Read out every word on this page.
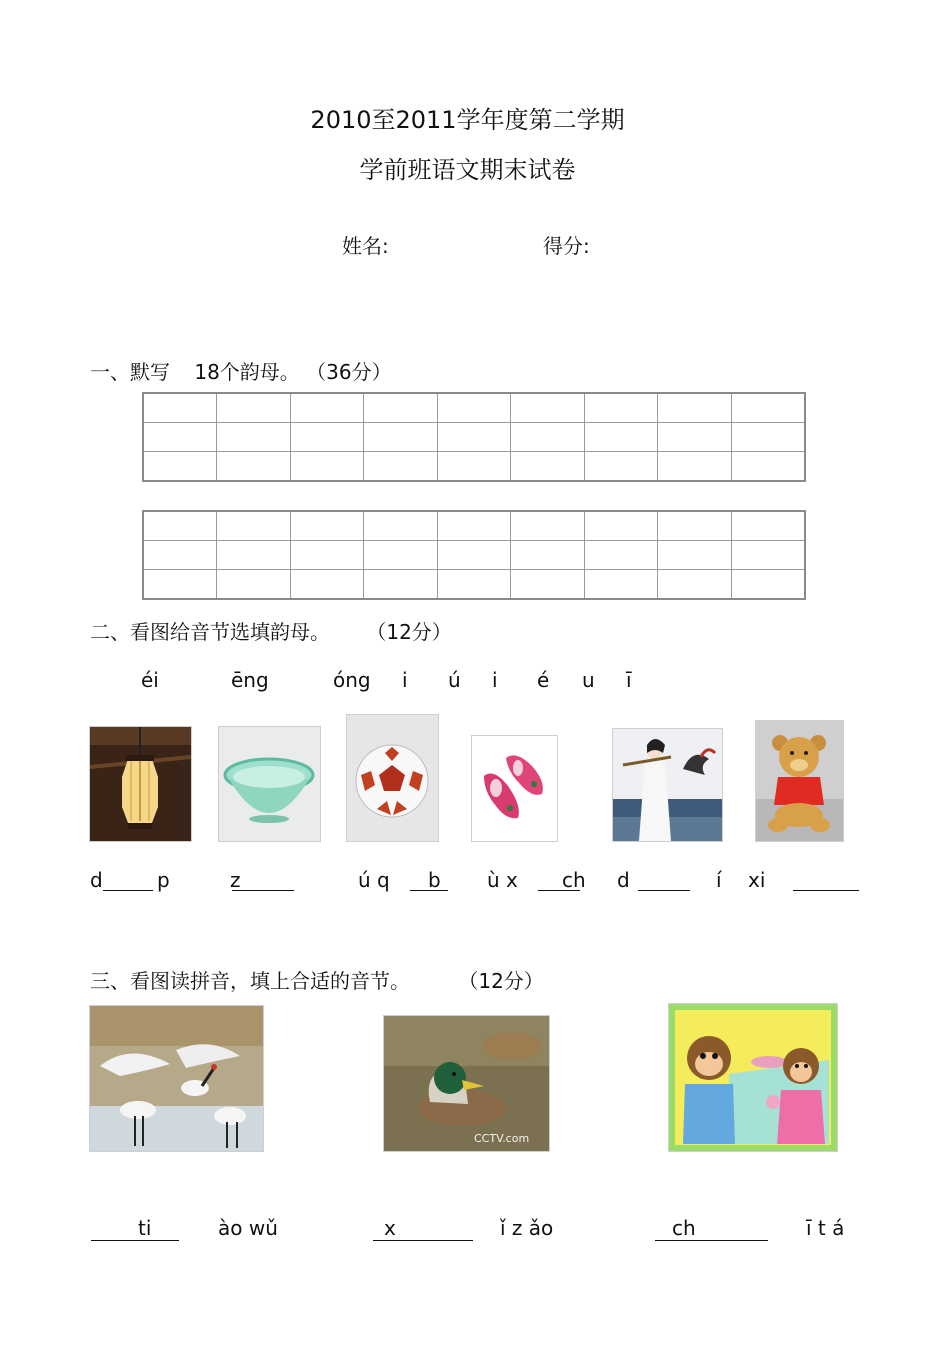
2010至2011学年度第二学期
学前班语文期末试卷
姓名:	得分:
一、默写 18个韵母。 （36分）

二、看图给音节选填韵母。 （12分）
éi	ēng	óng i ú i é u ī
d	p	z	ú q b ù x ch d	í xi
三、看图读拼音，填上合适的音节。 （12分）
CCTV.com
ti	ào wǔ	x	ǐ z ǎo	ch	ī t á
